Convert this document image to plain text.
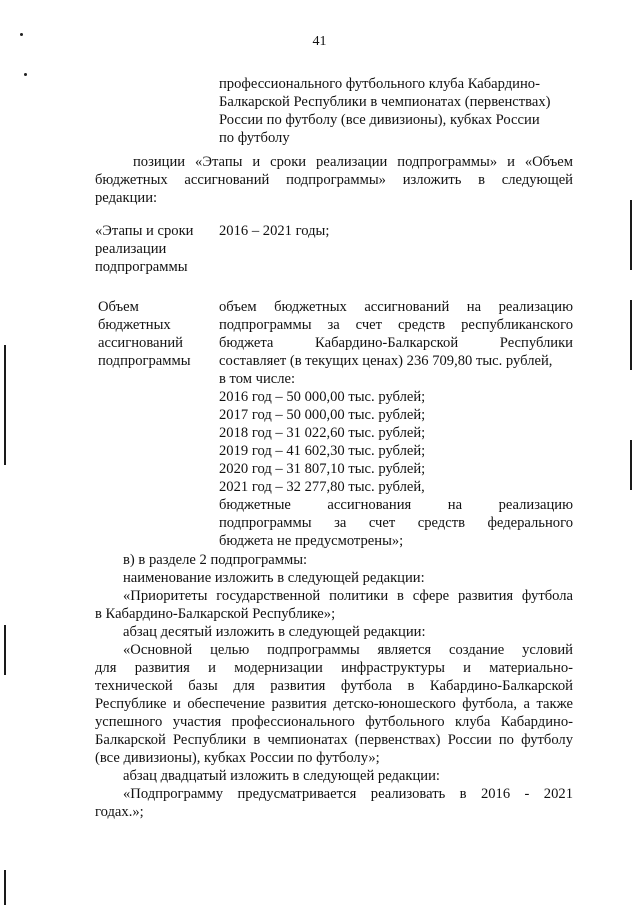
41
профессионального футбольного клуба Кабардино-
Балкарской Республики в чемпионатах (первенствах)
России по футболу (все дивизионы), кубках России
по футболу
позиции «Этапы и сроки реализации подпрограммы» и «Объем
бюджетных ассигнований подпрограммы» изложить в следующей
редакции:
«Этапы и сроки
реализации
подпрограммы
2016 – 2021 годы;
Объем
бюджетных
ассигнований
подпрограммы
объем бюджетных ассигнований на реализацию
подпрограммы за счет средств республиканского
бюджета Кабардино-Балкарской Республики
составляет (в текущих ценах) 236 709,80 тыс. рублей,
в том числе:
2016 год – 50 000,00 тыс. рублей;
2017 год – 50 000,00 тыс. рублей;
2018 год – 31 022,60 тыс. рублей;
2019 год – 41 602,30 тыс. рублей;
2020 год – 31 807,10 тыс. рублей;
2021 год – 32 277,80 тыс. рублей,
бюджетные ассигнования на реализацию
подпрограммы за счет средств федерального
бюджета не предусмотрены»;
в) в разделе 2 подпрограммы:
наименование изложить в следующей редакции:
«Приоритеты государственной политики в сфере развития футбола
в Кабардино-Балкарской Республике»;
абзац десятый изложить в следующей редакции:
«Основной целью подпрограммы является создание условий
для развития и модернизации инфраструктуры и материально-
технической базы для развития футбола в Кабардино-Балкарской
Республике и обеспечение развития детско-юношеского футбола, а также
успешного участия профессионального футбольного клуба Кабардино-
Балкарской Республики в чемпионатах (первенствах) России по футболу
(все дивизионы), кубках России по футболу»;
абзац двадцатый изложить в следующей редакции:
«Подпрограмму предусматривается реализовать в 2016 - 2021
годах.»;
